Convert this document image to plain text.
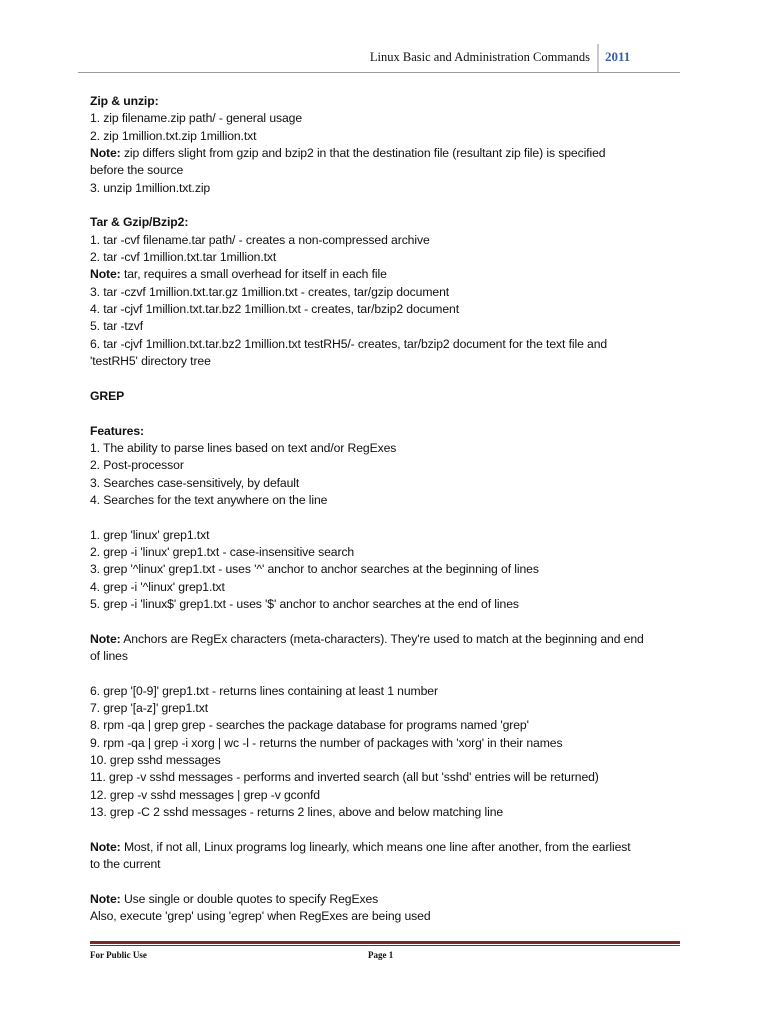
Linux Basic and Administration Commands 2011
Zip & unzip:
1. zip filename.zip path/ - general usage
2. zip 1million.txt.zip 1million.txt
Note: zip differs slight from gzip and bzip2 in that the destination file (resultant zip file) is specified
before the source
3. unzip 1million.txt.zip
Tar & Gzip/Bzip2:
1. tar -cvf filename.tar path/ - creates a non-compressed archive
2. tar -cvf 1million.txt.tar 1million.txt
Note: tar, requires a small overhead for itself in each file
3. tar -czvf 1million.txt.tar.gz 1million.txt - creates, tar/gzip document
4. tar -cjvf 1million.txt.tar.bz2 1million.txt - creates, tar/bzip2 document
5. tar -tzvf
6. tar -cjvf 1million.txt.tar.bz2 1million.txt testRH5/- creates, tar/bzip2 document for the text file and
'testRH5' directory tree
GREP
Features:
1. The ability to parse lines based on text and/or RegExes
2. Post-processor
3. Searches case-sensitively, by default
4. Searches for the text anywhere on the line
1. grep 'linux' grep1.txt
2. grep -i 'linux' grep1.txt - case-insensitive search
3. grep '^linux' grep1.txt - uses '^' anchor to anchor searches at the beginning of lines
4. grep -i '^linux' grep1.txt
5. grep -i 'linux$' grep1.txt - uses '$' anchor to anchor searches at the end of lines
Note: Anchors are RegEx characters (meta-characters). They're used to match at the beginning and end
of lines
6. grep '[0-9]' grep1.txt - returns lines containing at least 1 number
7. grep '[a-z]' grep1.txt
8. rpm -qa | grep grep - searches the package database for programs named 'grep'
9. rpm -qa | grep -i xorg | wc -l - returns the number of packages with 'xorg' in their names
10. grep sshd messages
11. grep -v sshd messages - performs and inverted search (all but 'sshd' entries will be returned)
12. grep -v sshd messages | grep -v gconfd
13. grep -C 2 sshd messages - returns 2 lines, above and below matching line
Note: Most, if not all, Linux programs log linearly, which means one line after another, from the earliest
to the current
Note: Use single or double quotes to specify RegExes
Also, execute 'grep' using 'egrep' when RegExes are being used
For Public Use	Page 1
